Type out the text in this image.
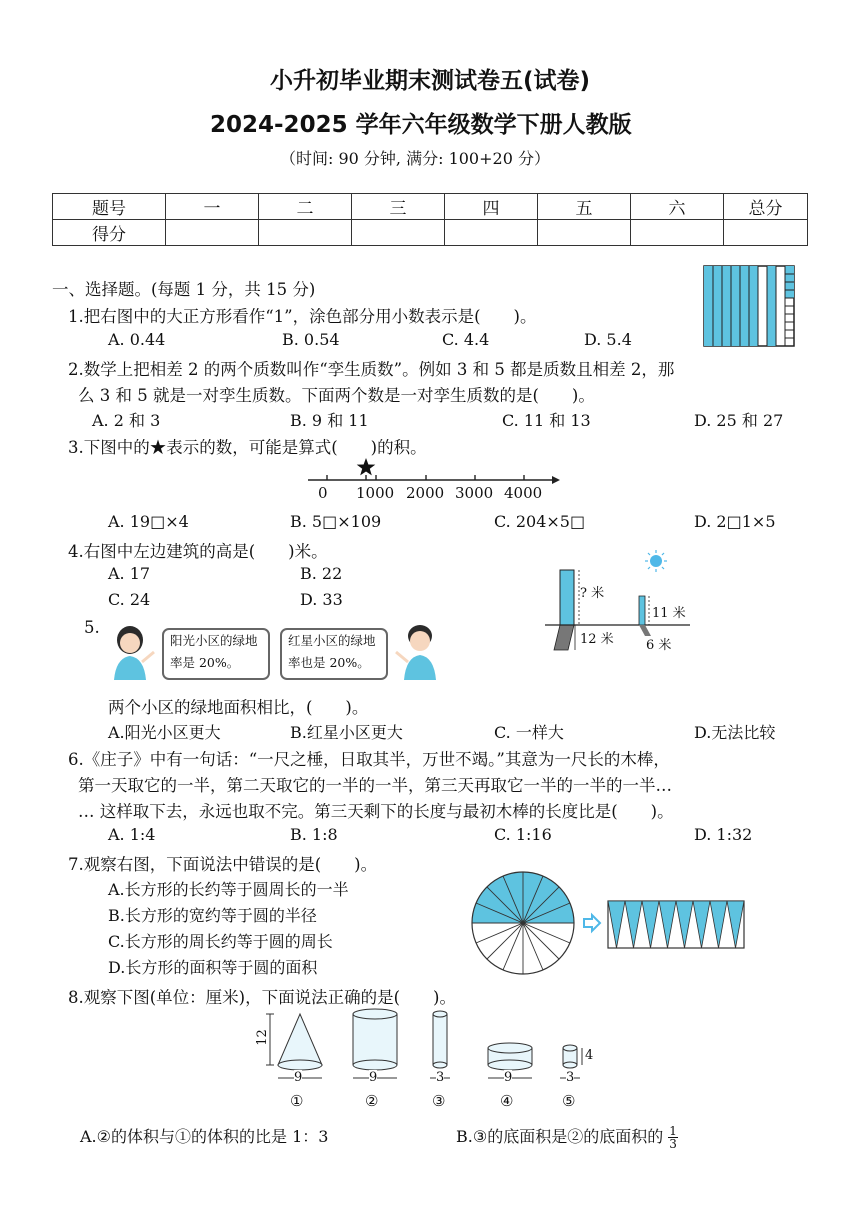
小升初毕业期末测试卷五(试卷)
2024-2025 学年六年级数学下册人教版
（时间: 90 分钟, 满分: 100+20 分）
题号	一	二	三	四	五	六	总分
得分							
一、选择题。(每题 1 分，共 15 分)
1.把右图中的大正方形看作“1”，涂色部分用小数表示是(　　)。
A. 0.44	B. 0.54	C. 4.4	D. 5.4
2.数学上把相差 2 的两个质数叫作“孪生质数”。例如 3 和 5 都是质数且相差 2，那
么 3 和 5 就是一对孪生质数。下面两个数是一对孪生质数的是(　　)。
A. 2 和 3	B. 9 和 11	C. 11 和 13	D. 25 和 27
3.下图中的★表示的数，可能是算式(　　)的积。
0 1000 2000 3000 4000
A. 19□×4	B. 5□×109	C. 204×5□	D. 2□1×5
4.右图中左边建筑的高是(　　)米。
A. 17	B. 22
C. 24	D. 33	? 米
11 米
12 米 6 米
5.
阳光小区的绿地
率是 20%。
红星小区的绿地
率也是 20%。
两个小区的绿地面积相比，(　　)。
A.阳光小区更大	B.红星小区更大	C. 一样大	D.无法比较
6.《庄子》中有一句话：“一尺之棰，日取其半，万世不竭。”其意为一尺长的木棒，
第一天取它的一半，第二天取它的一半的一半，第三天再取它一半的一半的一半…
… 这样取下去，永远也取不完。第三天剩下的长度与最初木棒的长度比是(　　)。
A. 1:4	B. 1:8	C. 1:16	D. 1:32
7.观察右图，下面说法中错误的是(　　)。
A.长方形的长约等于圆周长的一半
B.长方形的宽约等于圆的半径
C.长方形的周长约等于圆的周长
D.长方形的面积等于圆的面积
8.观察下图(单位：厘米)，下面说法正确的是(　　)。
12
9	9	3	9	3
4
①	②	③	④	⑤
A.②的体积与①的体积的比是 1：3	B.③的底面积是②的底面积的 $\frac{1}{3}$
